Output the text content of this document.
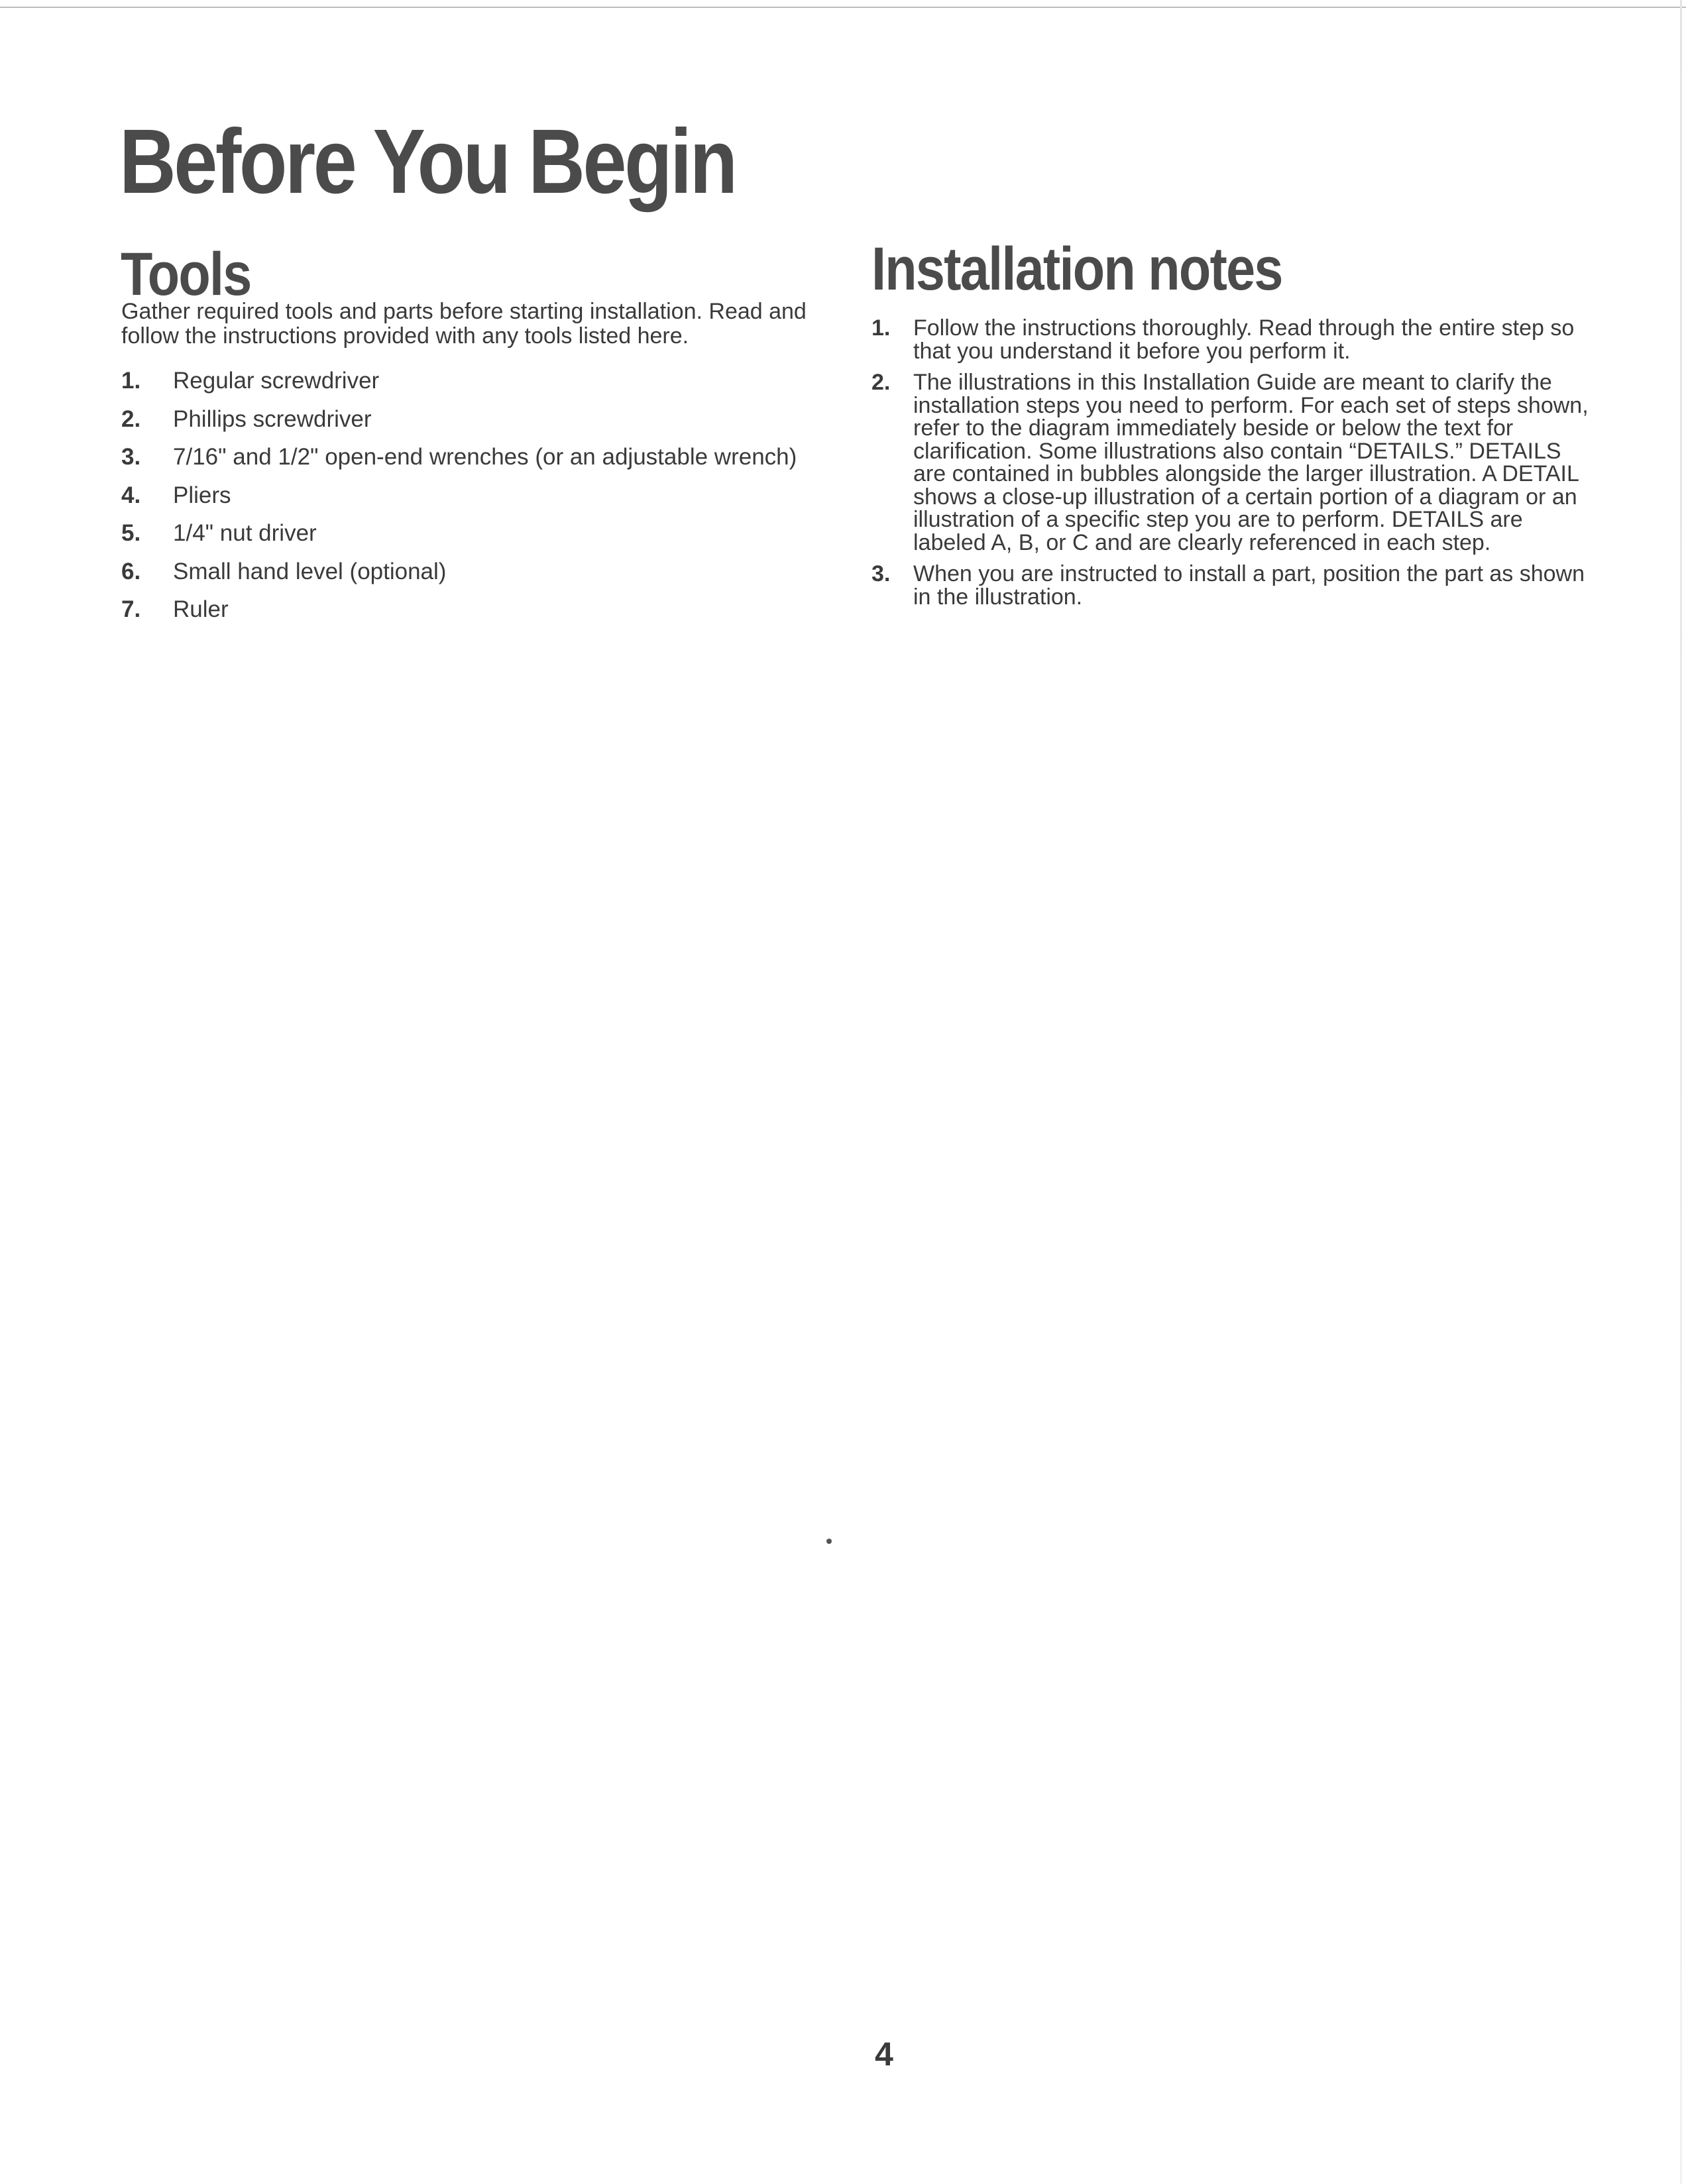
Before You Begin
Tools

Gather required tools and parts before starting installation. Read and follow the instructions provided with any tools listed here.

1.	Regular screwdriver
2.	Phillips screwdriver
3.	7/16" and 1/2" open-end wrenches (or an adjustable wrench)
4.	Pliers
5.	1/4" nut driver
6.	Small hand level (optional)
7.	Ruler
Installation notes
1.	Follow the instructions thoroughly. Read through the entire step so that you understand it before you perform it.
2.	The illustrations in this Installation Guide are meant to clarify the installation steps you need to perform. For each set of steps shown, refer to the diagram immediately beside or below the text for clarification. Some illustrations also contain “DETAILS.” DETAILS are contained in bubbles alongside the larger illustration. A DETAIL shows a close-up illustration of a certain portion of a diagram or an illustration of a specific step you are to perform. DETAILS are labeled A, B, or C and are clearly referenced in each step.
3.	When you are instructed to install a part, position the part as shown in the illustration.
4
